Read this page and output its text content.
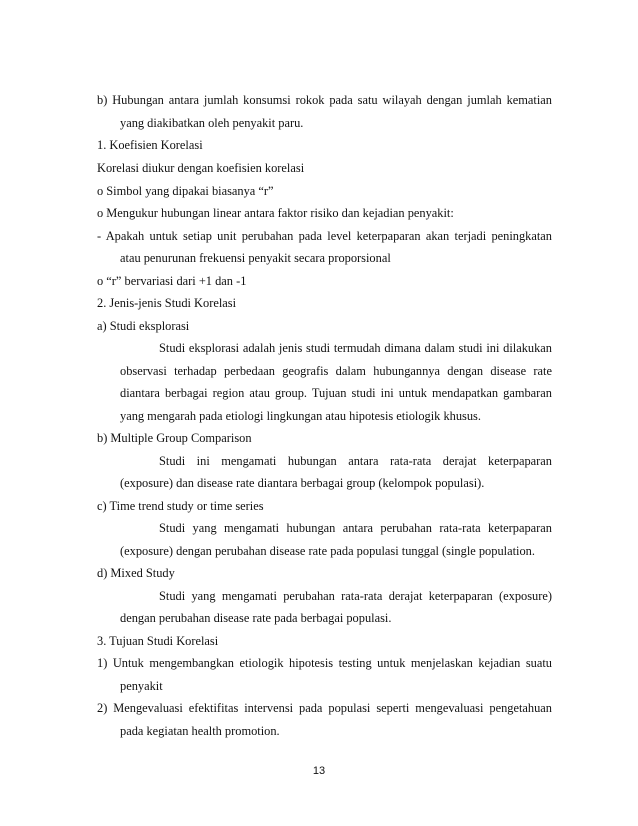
b) Hubungan antara jumlah konsumsi rokok pada satu wilayah dengan jumlah kematian
yang diakibatkan oleh penyakit paru.
1. Koefisien Korelasi
Korelasi diukur dengan koefisien korelasi
o Simbol yang dipakai biasanya “r”
o Mengukur hubungan linear antara faktor risiko dan kejadian penyakit:
- Apakah untuk setiap unit perubahan pada level keterpaparan akan terjadi peningkatan
atau penurunan frekuensi penyakit secara proporsional
o “r” bervariasi dari +1 dan -1
2. Jenis-jenis Studi Korelasi
a) Studi eksplorasi
Studi eksplorasi adalah jenis studi termudah dimana dalam studi ini dilakukan
observasi terhadap perbedaan geografis dalam hubungannya dengan disease rate
diantara berbagai region atau group. Tujuan studi ini untuk mendapatkan gambaran
yang mengarah pada etiologi lingkungan atau hipotesis etiologik khusus.
b) Multiple Group Comparison
Studi ini mengamati hubungan antara rata-rata derajat keterpaparan
(exposure) dan disease rate diantara berbagai group (kelompok populasi).
c) Time trend study or time series
Studi yang mengamati hubungan antara perubahan rata-rata keterpaparan
(exposure) dengan perubahan disease rate pada populasi tunggal (single population.
d) Mixed Study
Studi yang mengamati perubahan rata-rata derajat keterpaparan (exposure)
dengan perubahan disease rate pada berbagai populasi.
3. Tujuan Studi Korelasi
1) Untuk mengembangkan etiologik hipotesis testing untuk menjelaskan kejadian suatu
penyakit
2) Mengevaluasi efektifitas intervensi pada populasi seperti mengevaluasi pengetahuan
pada kegiatan health promotion.
13
